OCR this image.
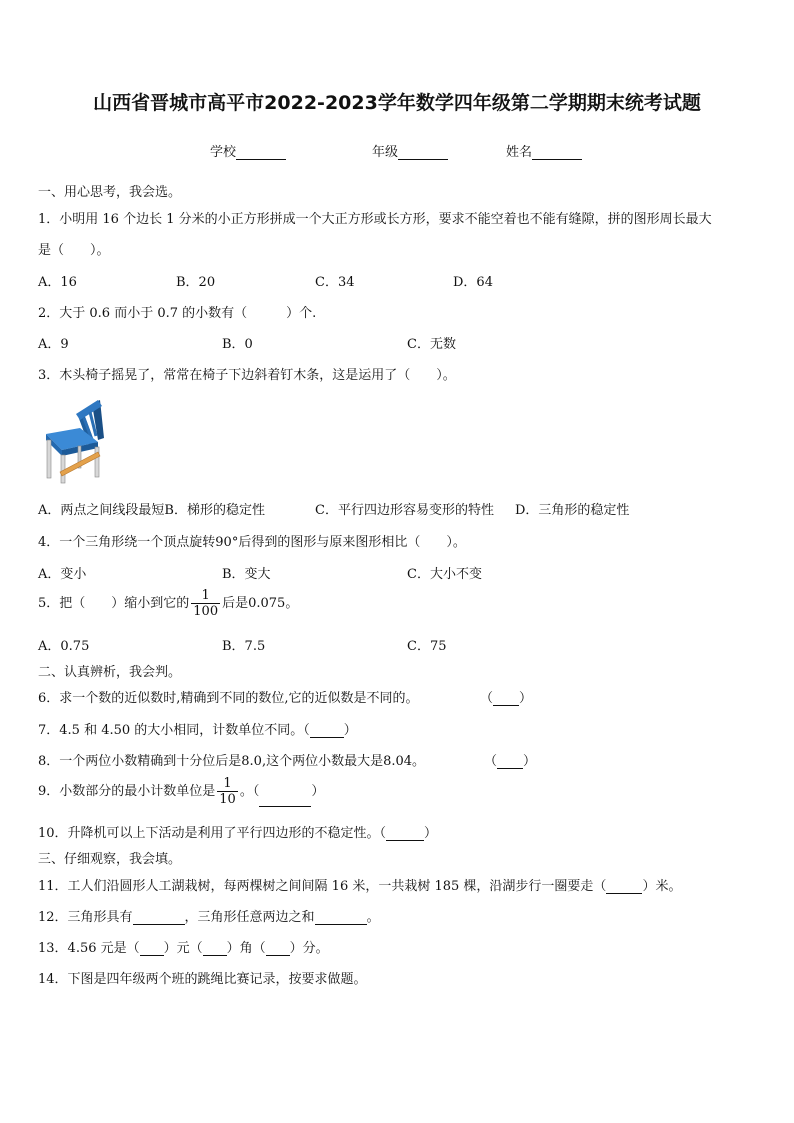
山西省晋城市高平市2022-2023学年数学四年级第二学期期末统考试题
学校	年级	姓名
一、用心思考，我会选。
1．小明用 16 个边长 1 分米的小正方形拼成一个大正方形或长方形，要求不能空着也不能有缝隙，拼的图形周长最大
是（　　）。
A．16	B．20	C．34	D．64
2．大于 0.6 而小于 0.7 的小数有（　　　）个.
A．9	B．0	C．无数
3．木头椅子摇晃了，常常在椅子下边斜着钉木条，这是运用了（　　）。
A．两点之间线段最短B．梯形的稳定性	C．平行四边形容易变形的特性 D．三角形的稳定性
4．一个三角形绕一个顶点旋转90°后得到的图形与原来图形相比（　　）。
A．变小	B．变大	C．大小不变
5．把（　　）缩小到它的 $\frac{1}{100}$ 后是0.075。
A．0.75	B．7.5	C．75
二、认真辨析，我会判。
6．求一个数的近似数时,精确到不同的数位,它的近似数是不同的。	（ ）
7．4.5 和 4.50 的大小相同，计数单位不同。（	）
8．一个两位小数精确到十分位后是8.0,这个两位小数最大是8.04。	（ ）
9．小数部分的最小计数单位是 $\frac{1}{10}$ 。（	）
10．升降机可以上下活动是利用了平行四边形的不稳定性。（	）
三、仔细观察，我会填。
11．工人们沿圆形人工湖栽树，每两棵树之间间隔 16 米，一共栽树 185 棵，沿湖步行一圈要走（	）米。
12．三角形具有	，三角形任意两边之和	。
13．4.56 元是（ ）元（ ）角（ ）分。
14．下图是四年级两个班的跳绳比赛记录，按要求做题。
